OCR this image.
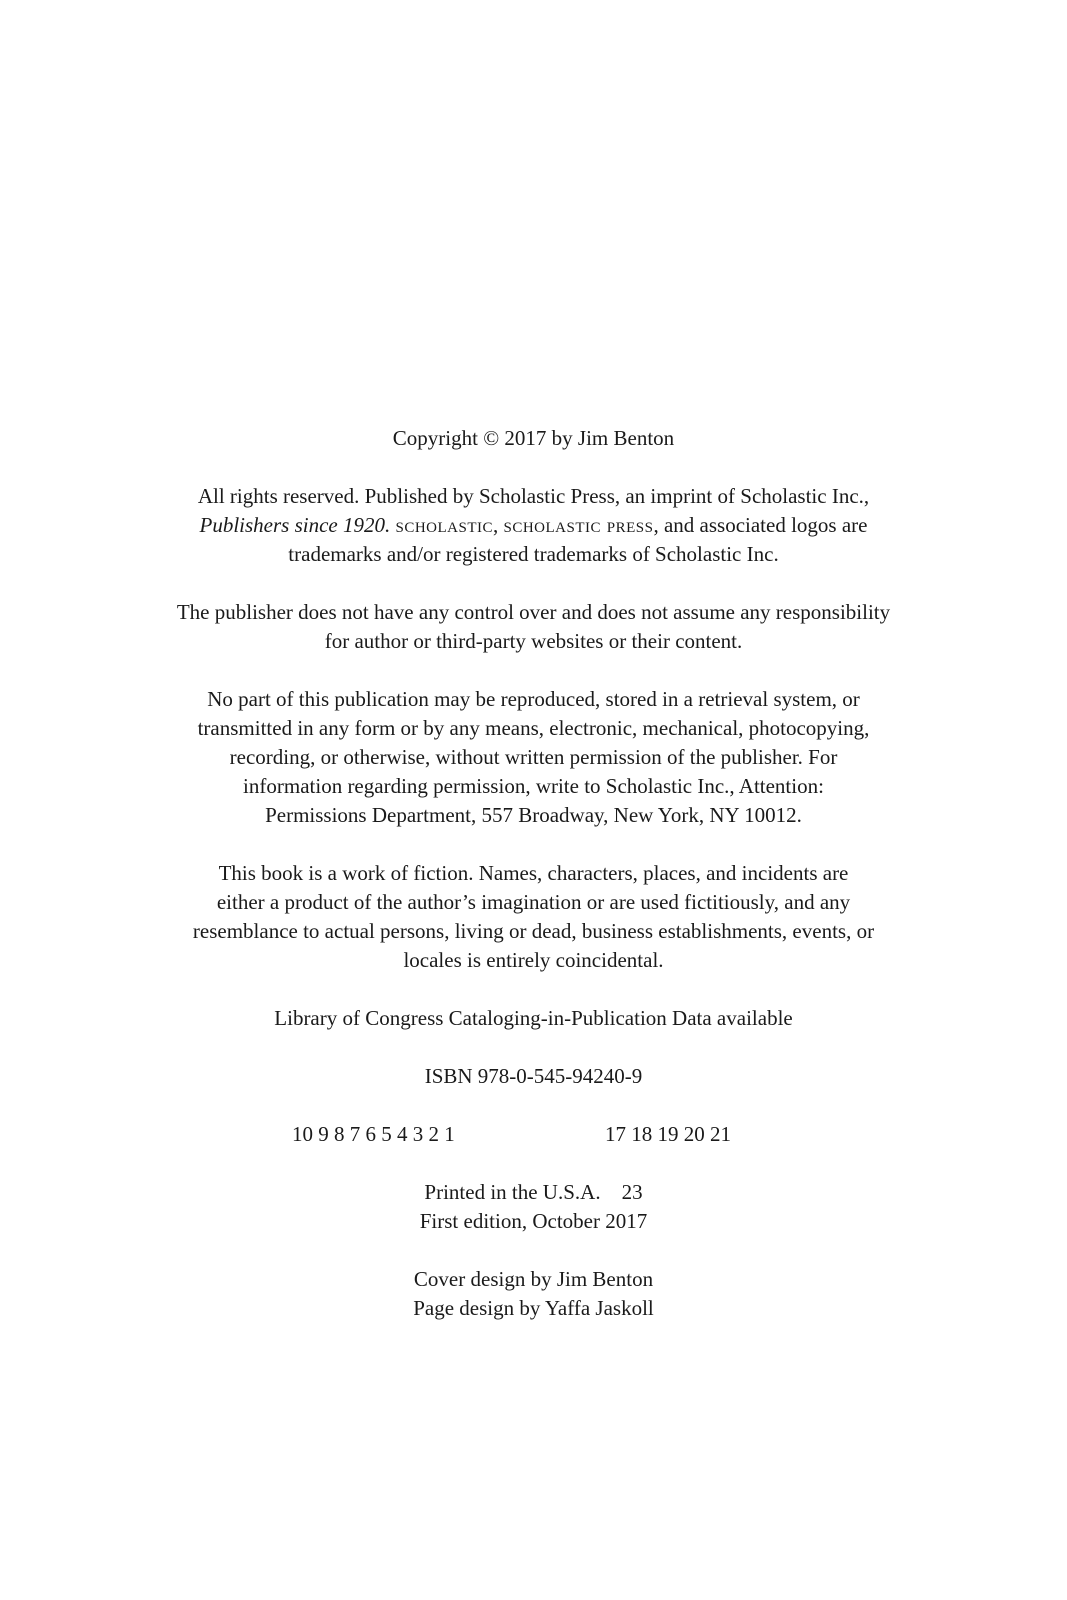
Copyright © 2017 by Jim Benton
All rights reserved. Published by Scholastic Press, an imprint of Scholastic Inc.,
Publishers since 1920. scholastic, scholastic press, and associated logos are
trademarks and/or registered trademarks of Scholastic Inc.
The publisher does not have any control over and does not assume any responsibility
for author or third-party websites or their content.
No part of this publication may be reproduced, stored in a retrieval system, or
transmitted in any form or by any means, electronic, mechanical, photocopying,
recording, or otherwise, without written permission of the publisher. For
information regarding permission, write to Scholastic Inc., Attention:
Permissions Department, 557 Broadway, New York, NY 10012.
This book is a work of fiction. Names, characters, places, and incidents are
either a product of the author’s imagination or are used fictitiously, and any
resemblance to actual persons, living or dead, business establishments, events, or
locales is entirely coincidental.
Library of Congress Cataloging-in-Publication Data available
ISBN 978-0-545-94240-9
10 9 8 7 6 5 4 3 2 1	17 18 19 20 21
Printed in the U.S.A. 23
First edition, October 2017
Cover design by Jim Benton
Page design by Yaffa Jaskoll
